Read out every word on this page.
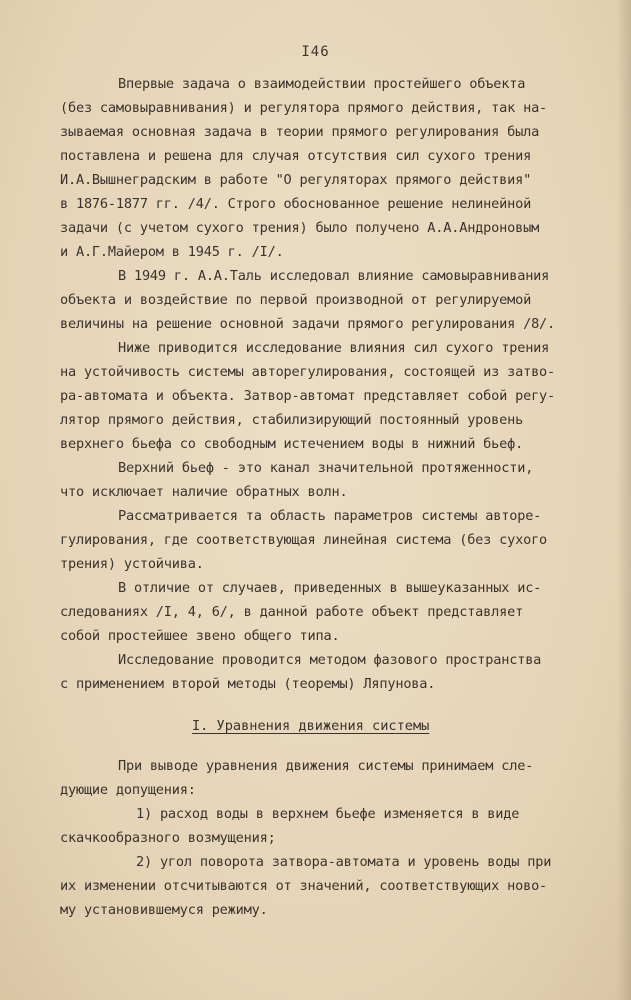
I46
Впервые задача о взаимодействии простейшего объекта
(без самовыравнивания) и регулятора прямого действия, так на-
зываемая основная задача в теории прямого регулирования была
поставлена и решена для случая отсутствия сил сухого трения
И.А.Вышнеградским в работе "О регуляторах прямого действия"
в 1876-1877 гг. /4/. Строго обоснованное решение нелинейной
задачи (с учетом сухого трения) было получено А.А.Андроновым
и А.Г.Майером в 1945 г. /I/.
В 1949 г. А.А.Таль исследовал влияние самовыравнивания
объекта и воздействие по первой производной от регулируемой
величины на решение основной задачи прямого регулирования /8/.
Ниже приводится исследование влияния сил сухого трения
на устойчивость системы авторегулирования, состоящей из затво-
ра-автомата и объекта. Затвор-автомат представляет собой регу-
лятор прямого действия, стабилизирующий постоянный уровень
верхнего бьефа со свободным истечением воды в нижний бьеф.
Верхний бьеф - это канал значительной протяженности,
что исключает наличие обратных волн.
Рассматривается та область параметров системы авторе-
гулирования, где соответствующая линейная система (без сухого
трения) устойчива.
В отличие от случаев, приведенных в вышеуказанных ис-
следованиях /I, 4, 6/, в данной работе объект представляет
собой простейшее звено общего типа.
Исследование проводится методом фазового пространства
с применением второй методы (теоремы) Ляпунова.
I. Уравнения движения системы
При выводе уравнения движения системы принимаем сле-
дующие допущения:
1) расход воды в верхнем бьефе изменяется в виде
скачкообразного возмущения;
2) угол поворота затвора-автомата и уровень воды при
их изменении отсчитываются от значений, соответствующих ново-
му установившемуся режиму.
